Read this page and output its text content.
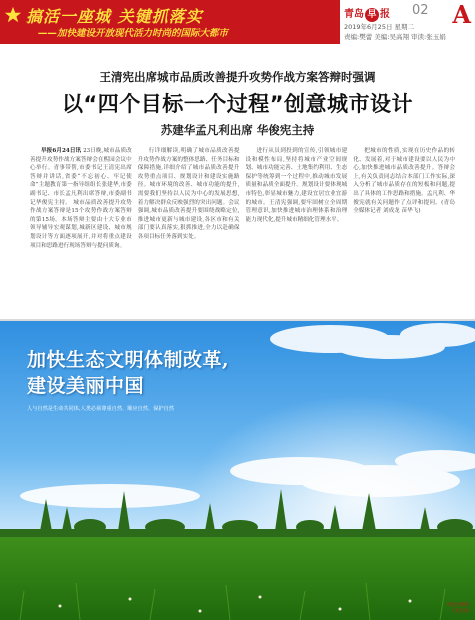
搞活一座城 关键抓落实
——加快建设开放现代活力时尚的国际大都市
青岛 早 报 02 A
2019年6月25日 星期二
责编:樊蕾 美编:吴高翔 审读:张玉娟
王清宪出席城市品质改善提升攻势作战方案答辩时强调
以“四个目标一个过程”创意城市设计
苏建华孟凡利出席 华俊宪主持

早报6月24日讯 23日晚,城市品质改善提升攻势作战方案答辩会在熙园会议中心举行。青事带帮,市委书记王清宪出席答辩并讲话,省委“不忘初心、牢记使命”主题教育第一指导组组长张建华,市委副书记、市长孟凡利出席答辩,市委副书记华俊宪主持。 城市品质改善提升攻势作战方案答辩是15个攻势作战方案答辩的第15场。本场答辩主要由十大专业市领导辅导宏观谋划,城新区建设、城市规划设计等方面逐项展开,并对将重点建设项目和思路进行现场答辩与提问质询。

行详细解读,明确了城市品质改善提升攻势作战方案的整体思路、任务目标和保障措施,详细介绍了城市品质改善提升攻势重点项目、规划设计和建设实施路径。城市环境的改善、城市功能的提升,需要我们坚持以人民为中心的发展思想,着力解决群众反映强烈的突出问题。会议强调,城市品质改善提升要围绕战略定位,推进城市更新与城市建设,各区市和有关部门要认真落实,狠抓推进,全力以赴确保各项目标任务落到实处。

进行从员到投到的宣传,引领城市建设和模性布局,坚持将城市产业空间规划、城市功能完善、土地集约利用、生态保护等统筹到一个过程中,推动城市发展质量和品质全面提升。规划设计要体现城市特色,彰显城市魅力,建设宜居宜业宜游的城市。王清宪强调,要牢固树立全周期管理意识,加快推进城市治理体系和治理能力现代化,提升城市精细化管理水平。

把城市的性质,实现在历史作品的转化、发展着,对于城市建设要以人民为中心,加快推进城市品质改善提升。答辩会上,有关负责同志结合本部门工作实际,深入分析了城市品质存在的短板和问题,提出了具体的工作思路和措施。孟凡利、华俊宪就有关问题作了点评和提问。(青岛全媒体记者 刘成龙 苗华飞)

加快生态文明体制改革,
建设美丽中国
人与自然是生命共同体,人类必须尊重自然、顺应自然、保护自然
中国文明网
人民日报
